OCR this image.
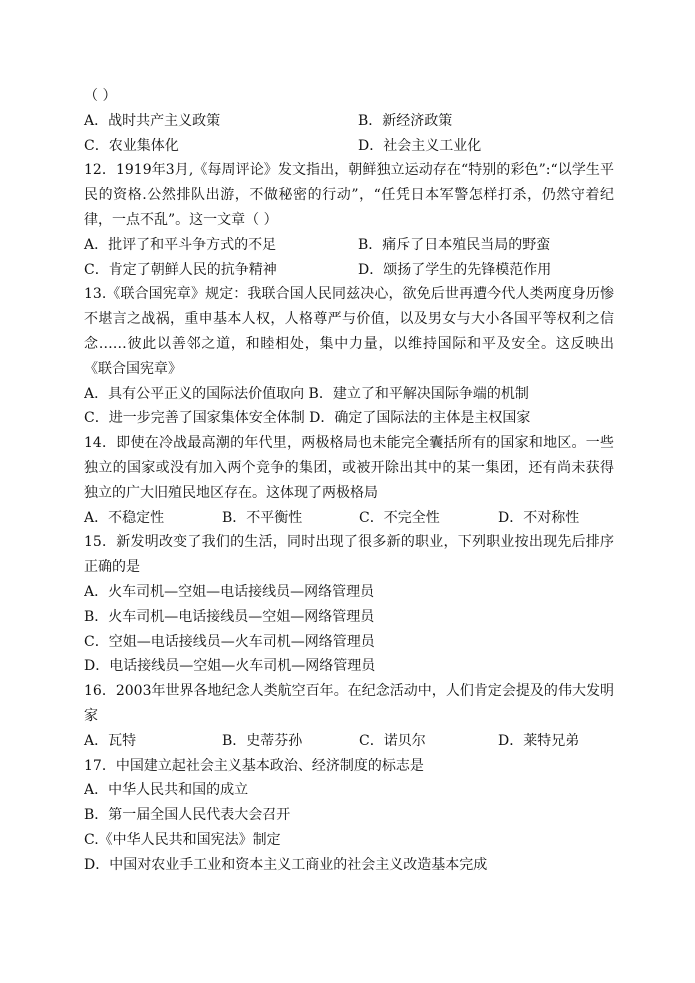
（ ）
A．战时共产主义政策	B．新经济政策
C．农业集体化	D．社会主义工业化
12．1919年3月,《每周评论》发文指出，朝鲜独立运动存在“特别的彩色”:“以学生平民的资格.公然排队出游，不做秘密的行动”，“任凭日本军警怎样打杀，仍然守着纪律，一点不乱”。这一文章（ ）
A．批评了和平斗争方式的不足	B．痛斥了日本殖民当局的野蛮
C．肯定了朝鲜人民的抗争精神	D．颂扬了学生的先锋模范作用
13.《联合国宪章》规定：我联合国人民同兹决心，欲免后世再遭今代人类两度身历惨不堪言之战祸，重申基本人权，人格尊严与价值，以及男女与大小各国平等权利之信念……彼此以善邻之道，和睦相处，集中力量，以维持国际和平及安全。这反映出《联合国宪章》
A．具有公平正义的国际法价值取向 B．建立了和平解决国际争端的机制
C．进一步完善了国家集体安全体制 D．确定了国际法的主体是主权国家
14．即使在冷战最高潮的年代里，两极格局也未能完全囊括所有的国家和地区。一些独立的国家或没有加入两个竞争的集团，或被开除出其中的某一集团，还有尚未获得独立的广大旧殖民地区存在。这体现了两极格局
A．不稳定性	B．不平衡性	C．不完全性	D．不对称性
15．新发明改变了我们的生活，同时出现了很多新的职业，下列职业按出现先后排序正确的是
A．火车司机—空姐—电话接线员—网络管理员
B．火车司机—电话接线员—空姐—网络管理员
C．空姐—电话接线员—火车司机—网络管理员
D．电话接线员—空姐—火车司机—网络管理员
16．2003年世界各地纪念人类航空百年。在纪念活动中，人们肯定会提及的伟大发明家
A．瓦特	B．史蒂芬孙	C．诺贝尔	D．莱特兄弟
17．中国建立起社会主义基本政治、经济制度的标志是
A．中华人民共和国的成立
B．第一届全国人民代表大会召开
C.《中华人民共和国宪法》制定
D．中国对农业手工业和资本主义工商业的社会主义改造基本完成
